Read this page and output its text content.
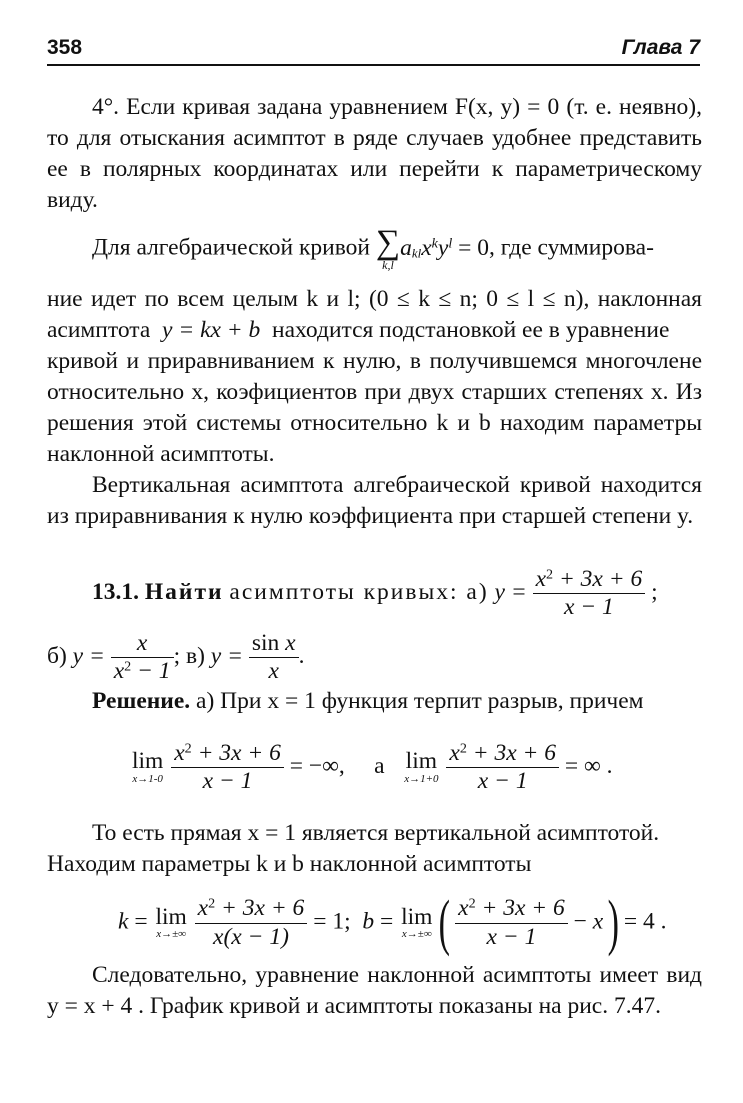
358	Глава 7
4°. Если кривая задана уравнением F(x, y) = 0 (т. е. неявно), то для отыскания асимптот в ряде случаев удобнее представить ее в полярных координатах или перейти к параметрическому виду.
Для алгебраической кривой ∑
k,l
$a_{kl}x^ky^l = 0$, где суммирова-
ние идет по всем целым k и l; (0 ≤ k ≤ n; 0 ≤ l ≤ n), наклонная
асимптота y = kx + b находится подстановкой ее в уравнение
кривой и приравниванием к нулю, в получившемся многочлене относительно x, коэфициентов при двух старших степенях x. Из решения этой системы относительно k и b находим параметры наклонной асимптоты.
Вертикальная асимптота алгебраической кривой находится из приравнивания к нулю коэффициента при старшей степени y.
13.1. Найти асимптоты кривых: а) $y = \frac{x^2 + 3x + 6}{x - 1}$ ;
б) $y = \frac{x}{x^2 - 1}$ ; в) $y = \frac{\text{sin x}}{x}$ .
Решение. а) При x = 1 функция терпит разрыв, причем
lim
x→1-0
$\frac{x^2 + 3x + 6}{x - 1}$ = −∞, а lim
x→1+0
$\frac{x^2 + 3x + 6}{x - 1}$ = ∞ .
То есть прямая x = 1 является вертикальной асимптотой.
Находим параметры k и b наклонной асимптоты
k = lim
x→±∞
$\frac{x^2 + 3x + 6}{x(x - 1)} = 1$;  b = lim
x→±∞ ( $\frac{x^2 + 3x + 6}{x - 1} - x) = 4$ .
Следовательно, уравнение наклонной асимптоты имеет вид y = x + 4 . График кривой и асимптоты показаны на рис. 7.47.
